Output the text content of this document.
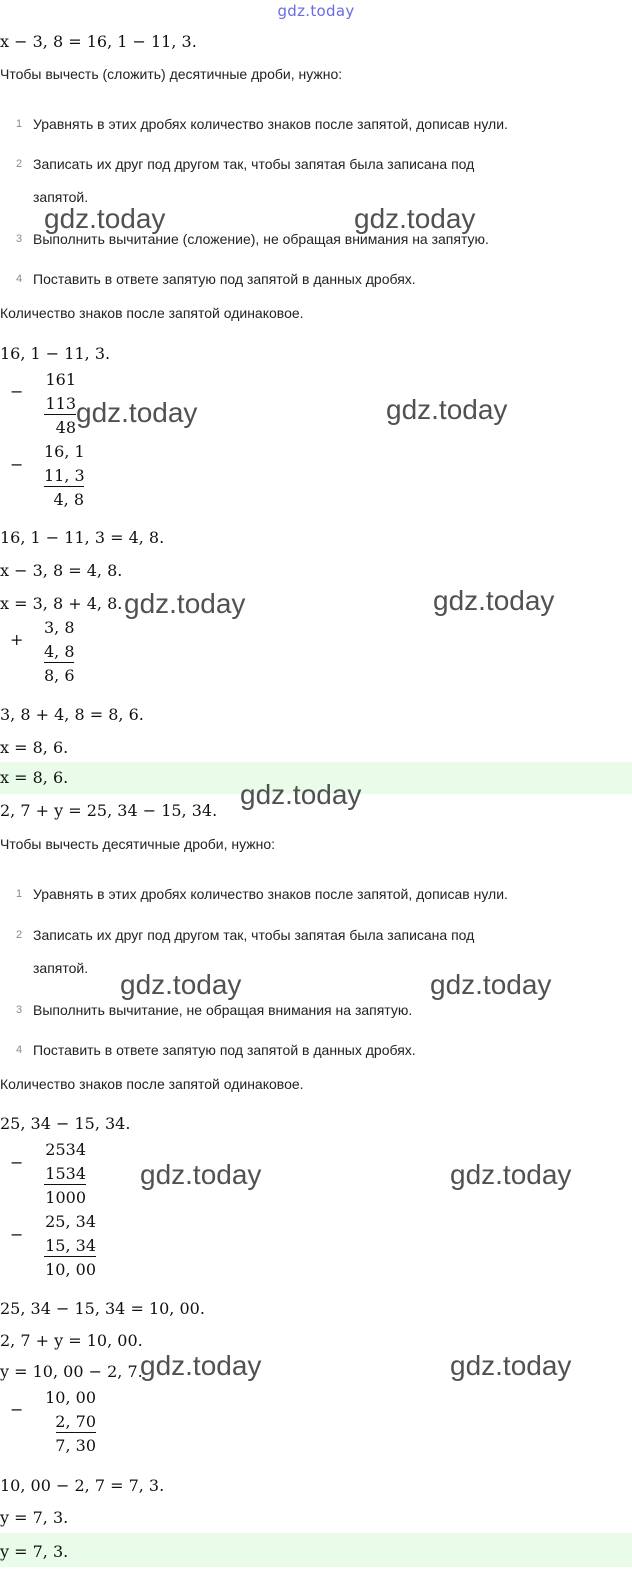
gdz.today
x − 3, 8 = 16, 1 − 11, 3.
Чтобы вычесть (сложить) десятичные дроби, нужно:
1 Уравнять в этих дробях количество знаков после запятой, дописав нули.
2 Записать их друг под другом так, чтобы запятая была записана под
запятой.
3 Выполнить вычитание (сложение), не обращая внимания на запятую.
4 Поставить в ответе запятую под запятой в данных дробях.
Количество знаков после запятой одинаковое.
16, 1 − 11, 3.
−
161
113
48
−
16, 1
11, 3
4, 8
16, 1 − 11, 3 = 4, 8.
x − 3, 8 = 4, 8.
x = 3, 8 + 4, 8.
+
3, 8
4, 8
8, 6
3, 8 + 4, 8 = 8, 6.
x = 8, 6.
x = 8, 6.
2, 7 + y = 25, 34 − 15, 34.
Чтобы вычесть десятичные дроби, нужно:
1 Уравнять в этих дробях количество знаков после запятой, дописав нули.
2 Записать их друг под другом так, чтобы запятая была записана под
запятой.
3 Выполнить вычитание, не обращая внимания на запятую.
4 Поставить в ответе запятую под запятой в данных дробях.
Количество знаков после запятой одинаковое.
25, 34 − 15, 34.
−
2534
1534
1000
−
25, 34
15, 34
10, 00
25, 34 − 15, 34 = 10, 00.
2, 7 + y = 10, 00.
y = 10, 00 − 2, 7.
−
10, 00
2, 70
7, 30
10, 00 − 2, 7 = 7, 3.
y = 7, 3.
y = 7, 3.
gdz.today	gdz.today
gdz.today	gdz.today
gdz.today	gdz.today
gdz.today
gdz.today	gdz.today
gdz.today	gdz.today
gdz.today	gdz.today
